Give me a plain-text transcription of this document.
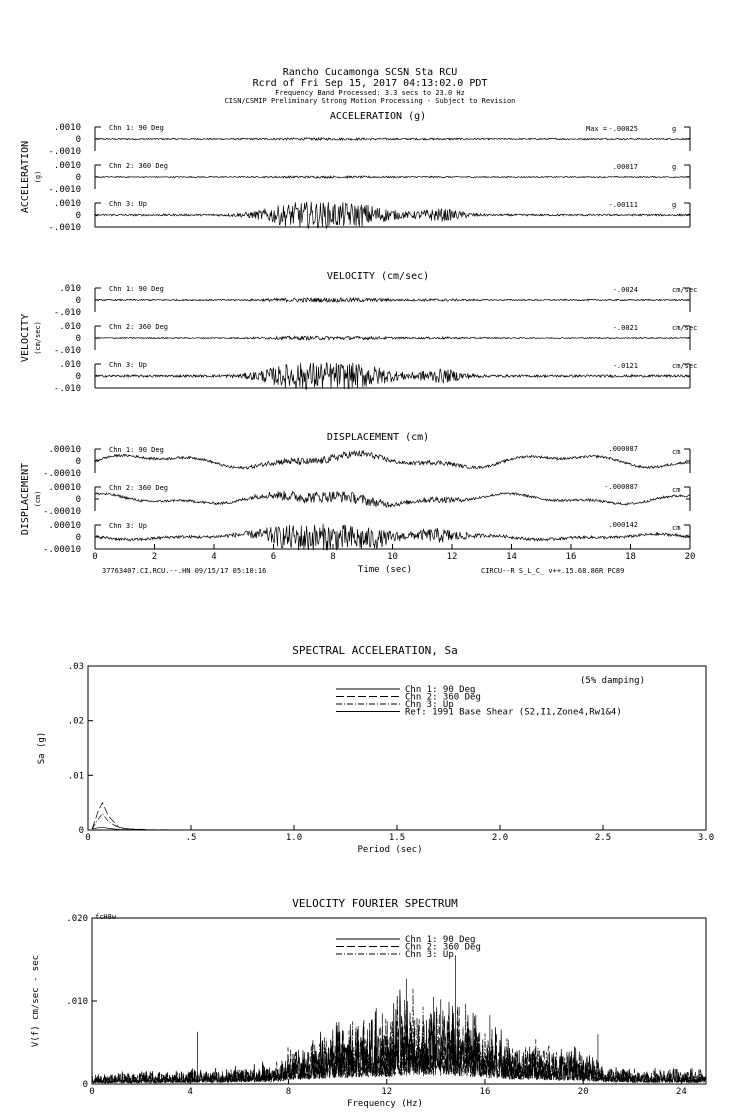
Rancho Cucamonga SCSN Sta RCU
Rcrd of Fri Sep 15, 2017 04:13:02.0 PDT
Frequency Band Processed: 3.3 secs to 23.0 Hz
CISN/CSMIP Preliminary Strong Motion Processing - Subject to Revision
ACCELERATION (g)
ACCELERATION (g)
.0010
0
-.0010
Chn 1: 90 Deg	Max = -.00025	g
.0010
0
-.0010
Chn 2: 360 Deg	.00017	g
.0010
0
-.0010
Chn 3: Up	-.00111	g
VELOCITY (cm/sec)
VELOCITY (cm/sec)
.010
0
-.010
Chn 1: 90 Deg	-.0024	cm/sec
.010
0
-.010
Chn 2: 360 Deg	-.0021	cm/sec
.010
0
-.010
Chn 3: Up	-.0121	cm/sec
DISPLACEMENT (cm)
DISPLACEMENT (cm)
.00010
0
-.00010
Chn 1: 90 Deg	.000087	cm
.00010
0
-.00010
Chn 2: 360 Deg	-.000087	cm
.00010
0
-.00010
Chn 3: Up	.000142	cm
0	2	4	6	8	10	12	14	16	18	20
Time (sec)
37763407.CI.RCU.--.HN 09/15/17 05:10:16	CIRCU--R S_L_C_ v++.15.68.86R PC89
SPECTRAL ACCELERATION, Sa
(5% damping)
0	.5	1.0	1.5	2.0	2.5	3.0
0
.01
.02
.03
Period (sec)
Sa (g)
Chn 1: 90 Deg
Chn 2: 360 Deg
Chn 3: Up
Ref: 1991 Base Shear (S2,I1,Zone4,Rw1&4)
VELOCITY FOURIER SPECTRUM
fcH8w
0	4	8	12	16	20	24
0
.010
.020
Frequency (Hz)
V(f) cm/sec - sec
Chn 1: 90 Deg
Chn 2: 360 Deg
Chn 3: Up
